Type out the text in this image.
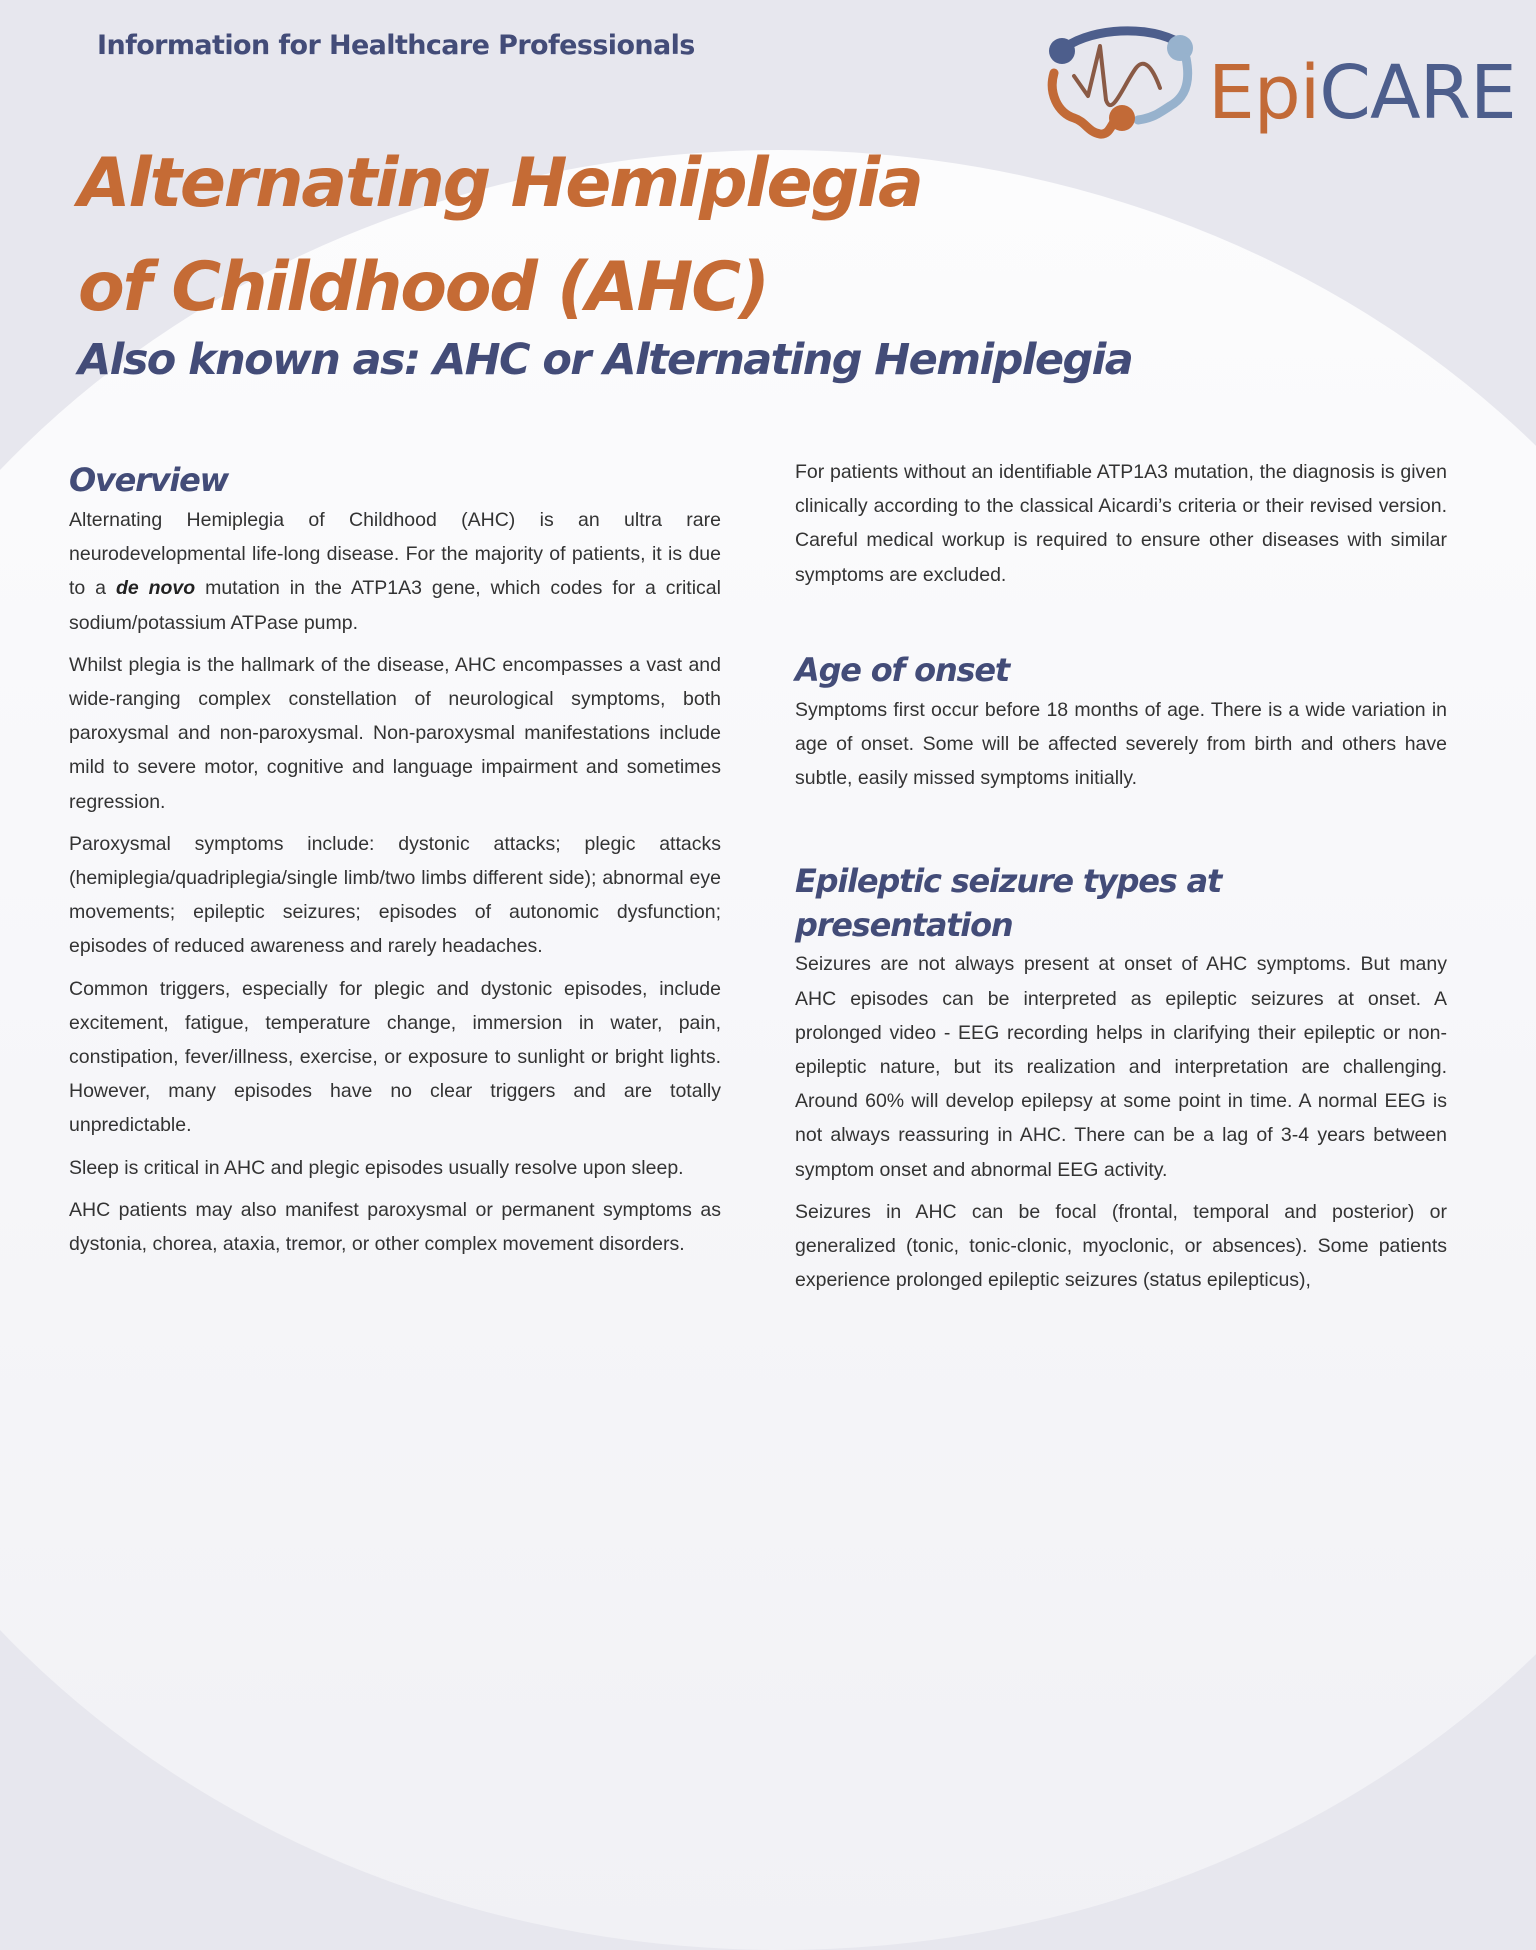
Information for Healthcare Professionals
EpiCARE
Alternating Hemiplegia
of Childhood (AHC)
Also known as: AHC or Alternating Hemiplegia
Overview

Alternating Hemiplegia of Childhood (AHC) is an ultra rare neurodevelopmental life-long disease. For the majority of patients, it is due to a de novo mutation in the ATP1A3 gene, which codes for a critical sodium/potassium ATPase pump.

Whilst plegia is the hallmark of the disease, AHC encompasses a vast and wide-ranging complex constellation of neurological symptoms, both paroxysmal and non-paroxysmal. Non-paroxysmal manifestations include mild to severe motor, cognitive and language impairment and sometimes regression.

Paroxysmal symptoms include: dystonic attacks; plegic attacks (hemiplegia/quadriplegia/single limb/two limbs different side); abnormal eye movements; epileptic seizures; episodes of autonomic dysfunction; episodes of reduced awareness and rarely headaches.

Common triggers, especially for plegic and dystonic episodes, include excitement, fatigue, temperature change, immersion in water, pain, constipation, fever/illness, exercise, or exposure to sunlight or bright lights. However, many episodes have no clear triggers and are totally unpredictable.

Sleep is critical in AHC and plegic episodes usually resolve upon sleep.

AHC patients may also manifest paroxysmal or permanent symptoms as dystonia, chorea, ataxia, tremor, or other complex movement disorders.

For patients without an identifiable ATP1A3 mutation, the diagnosis is given clinically according to the classical Aicardi’s criteria or their revised version. Careful medical workup is required to ensure other diseases with similar symptoms are excluded.

Age of onset

Symptoms first occur before 18 months of age. There is a wide variation in age of onset. Some will be affected severely from birth and others have subtle, easily missed symptoms initially.

Epileptic seizure types at
presentation

Seizures are not always present at onset of AHC symptoms. But many AHC episodes can be interpreted as epileptic seizures at onset. A prolonged video - EEG recording helps in clarifying their epileptic or non-epileptic nature, but its realization and interpretation are challenging. Around 60% will develop epilepsy at some point in time. A normal EEG is not always reassuring in AHC. There can be a lag of 3-4 years between symptom onset and abnormal EEG activity.

Seizures in AHC can be focal (frontal, temporal and posterior) or generalized (tonic, tonic-clonic, myoclonic, or absences). Some patients experience prolonged epileptic seizures (status epilepticus),
